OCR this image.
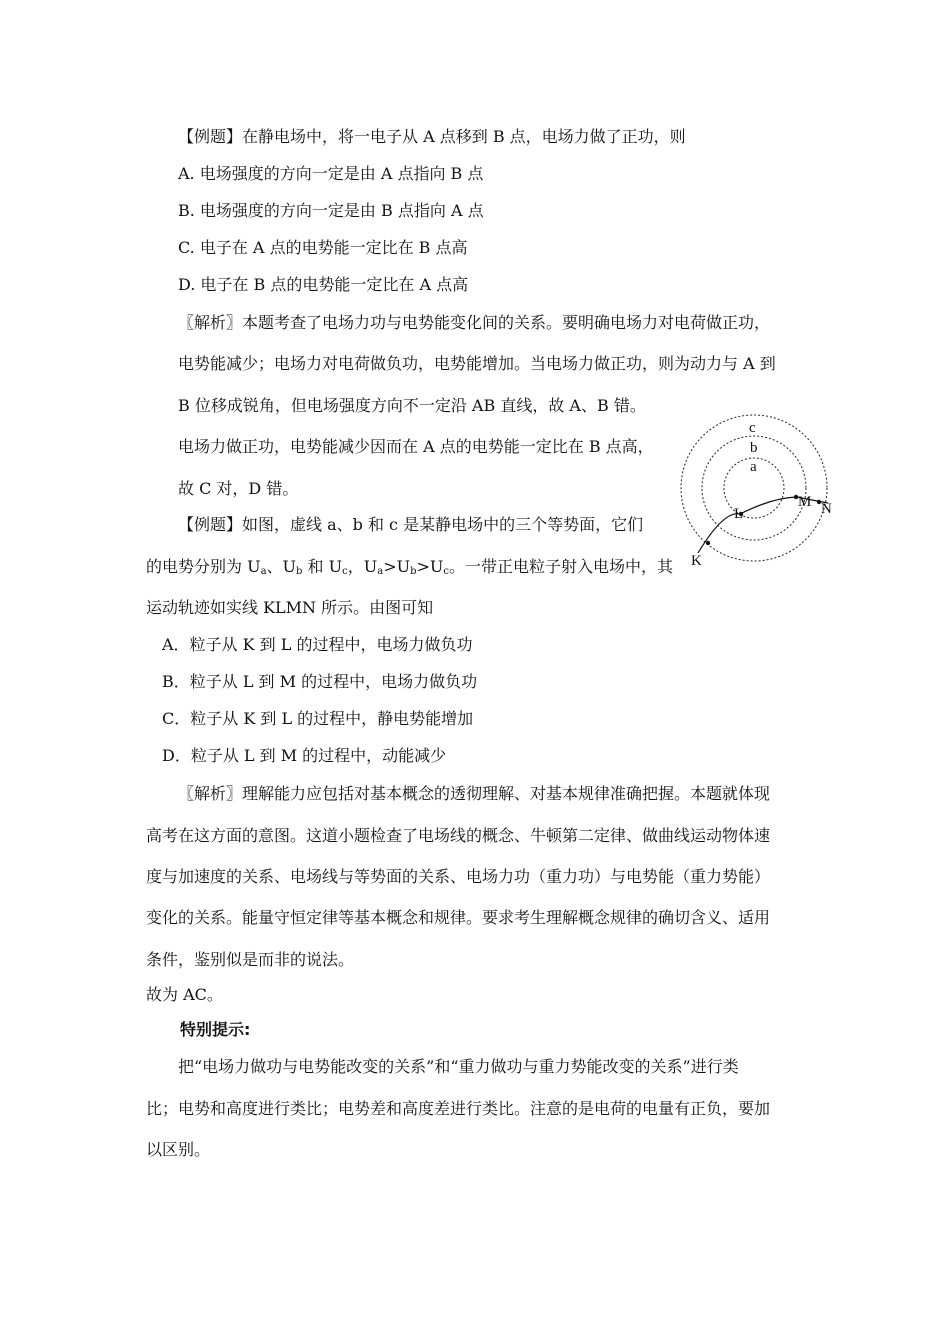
【例题】在静电场中，将一电子从 A 点移到 B 点，电场力做了正功，则
A. 电场强度的方向一定是由 A 点指向 B 点
B. 电场强度的方向一定是由 B 点指向 A 点
C. 电子在 A 点的电势能一定比在 B 点高
D. 电子在 B 点的电势能一定比在 A 点高
〖解析〗本题考查了电场力功与电势能变化间的关系。要明确电场力对电荷做正功，
电势能减少；电场力对电荷做负功，电势能增加。当电场力做正功，则为动力与 A 到
B 位移成锐角，但电场强度方向不一定沿 AB 直线，故 A、B 错。
电场力做正功，电势能减少因而在 A 点的电势能一定比在 B 点高，
故 C 对，D 错。
【例题】如图，虚线 a、b 和 c 是某静电场中的三个等势面，它们
的电势分别为 $U_a$、$U_b$ 和 $U_c$，$U_a>U_b>U_c$。一带正电粒子射入电场中，其
运动轨迹如实线 KLMN 所示。由图可知
A．粒子从 K 到 L 的过程中，电场力做负功
B．粒子从 L 到 M 的过程中，电场力做负功
C．粒子从 K 到 L 的过程中，静电势能增加
D．粒子从 L 到 M 的过程中，动能减少
〖解析〗理解能力应包括对基本概念的透彻理解、对基本规律准确把握。本题就体现
高考在这方面的意图。这道小题检查了电场线的概念、牛顿第二定律、做曲线运动物体速
度与加速度的关系、电场线与等势面的关系、电场力功（重力功）与电势能（重力势能）
变化的关系。能量守恒定律等基本概念和规律。要求考生理解概念规律的确切含义、适用
条件，鉴别似是而非的说法。
故为 AC。
特别提示:
把“电场力做功与电势能改变的关系”和“重力做功与重力势能改变的关系”进行类
比；电势和高度进行类比；电势差和高度差进行类比。注意的是电荷的电量有正负，要加
以区别。
c
b
a
K
L
M N
